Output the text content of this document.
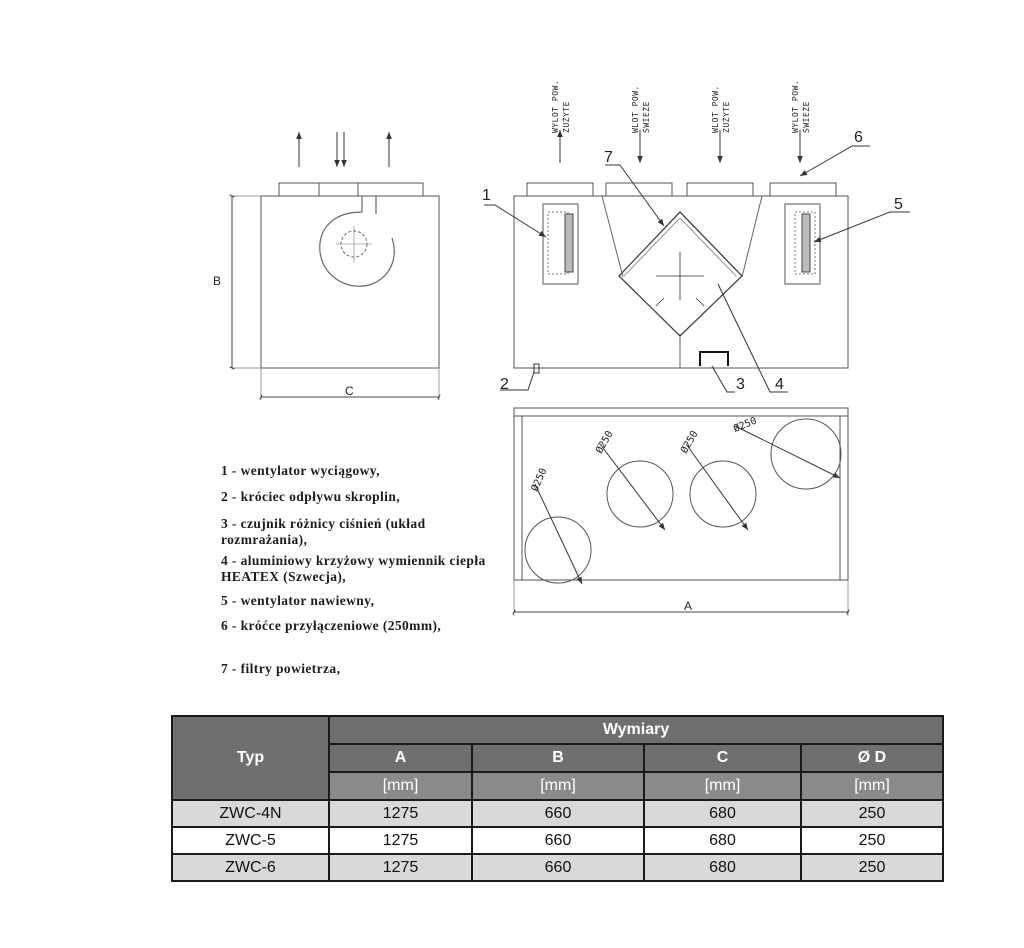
B
C
WYLOT POW. ZUŻYTE	WLOT POW. ŚWIEŻE	WLOT POW. ZUŻYTE	WYLOT POW. ŚWIEŻE
1
2	3 4
5
6
7
Ø250
Ø250	Ø250
Ø250
A
1 - wentylator wyciągowy,
2 - króciec odpływu skroplin,
3 - czujnik różnicy ciśnień (układ rozmrażania),
4 - aluminiowy krzyżowy wymiennik ciepła HEATEX (Szwecja),
5 - wentylator nawiewny,
6 - króćce przyłączeniowe (250mm),
7 - filtry powietrza,
Typ	Wymiary			
	A	B	C	Ø D
	[mm]	[mm]	[mm]	[mm]
ZWC-4N	1275	660	680	250
ZWC-5	1275	660	680	250
ZWC-6	1275	660	680	250
